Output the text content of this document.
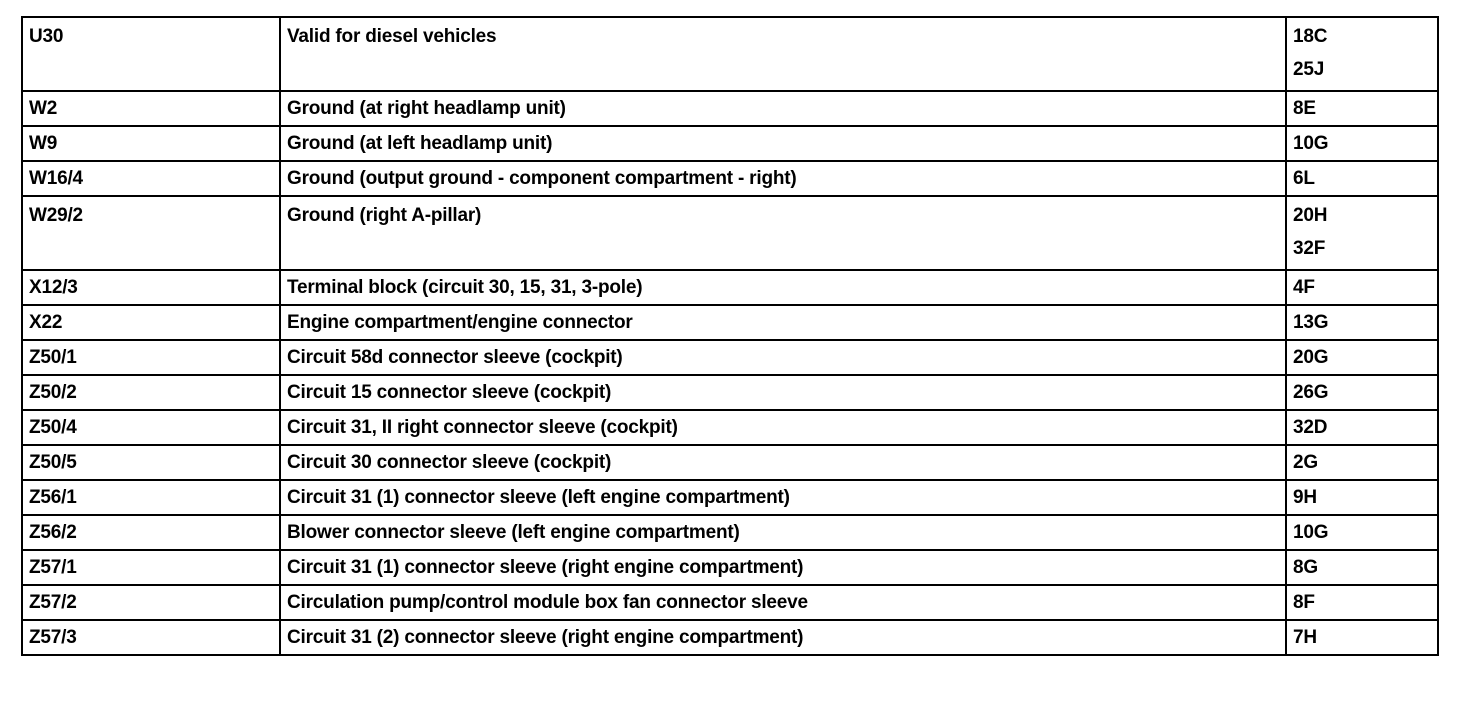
U30	Valid for diesel vehicles	18C
25J

W2	Ground (at right headlamp unit)	8E
W9	Ground (at left headlamp unit)	10G
W16/4	Ground (output ground - component compartment - right)	6L
W29/2	Ground (right A-pillar)	20H
32F

X12/3	Terminal block (circuit 30, 15, 31, 3-pole)	4F
X22	Engine compartment/engine connector	13G
Z50/1	Circuit 58d connector sleeve (cockpit)	20G
Z50/2	Circuit 15 connector sleeve (cockpit)	26G
Z50/4	Circuit 31, II right connector sleeve (cockpit)	32D
Z50/5	Circuit 30 connector sleeve (cockpit)	2G
Z56/1	Circuit 31 (1) connector sleeve (left engine compartment)	9H
Z56/2	Blower connector sleeve (left engine compartment)	10G
Z57/1	Circuit 31 (1) connector sleeve (right engine compartment)	8G
Z57/2	Circulation pump/control module box fan connector sleeve	8F
Z57/3	Circuit 31 (2) connector sleeve (right engine compartment)	7H
